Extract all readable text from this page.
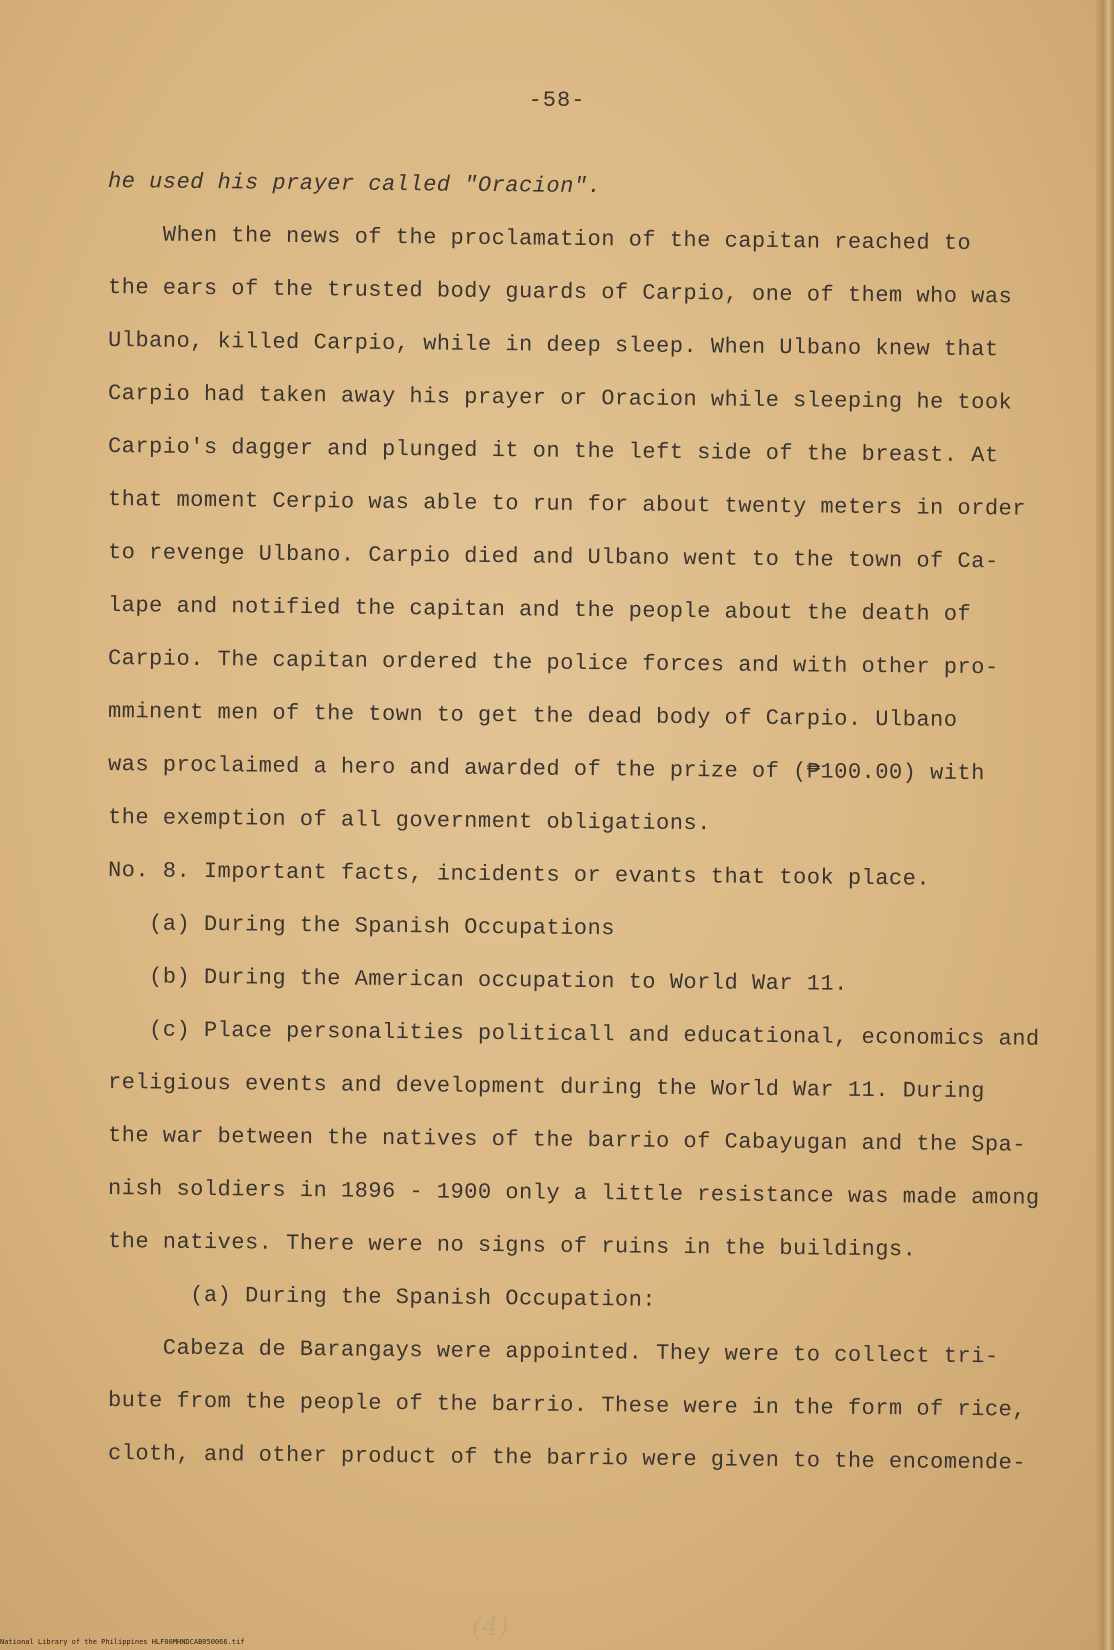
-58-
he used his prayer called "Oracion".
When the news of the proclamation of the capitan reached to
the ears of the trusted body guards of Carpio, one of them who was
Ulbano, killed Carpio, while in deep sleep. When Ulbano knew that
Carpio had taken away his prayer or Oracion while sleeping he took
Carpio's dagger and plunged it on the left side of the breast. At
that moment Cerpio was able to run for about twenty meters in order
to revenge Ulbano. Carpio died and Ulbano went to the town of Ca-
lape and notified the capitan and the people about the death of
Carpio. The capitan ordered the police forces and with other pro-
mminent men of the town to get the dead body of Carpio. Ulbano
was proclaimed a hero and awarded of the prize of (₱100.00) with
the exemption of all government obligations.
No. 8. Important facts, incidents or evants that took place.
(a) During the Spanish Occupations
(b) During the American occupation to World War 11.
(c) Place personalities politicall and educational, economics and
religious events and development during the World War 11. During
the war between the natives of the barrio of Cabayugan and the Spa-
nish soldiers in 1896 - 1900 only a little resistance was made among
the natives. There were no signs of ruins in the buildings.
(a) During the Spanish Occupation:
Cabeza de Barangays were appointed. They were to collect tri-
bute from the people of the barrio. These were in the form of rice,
cloth, and other product of the barrio were given to the encomende-
(4)
National Library of the Philippines HLF00MHNDCAB050066.tif
